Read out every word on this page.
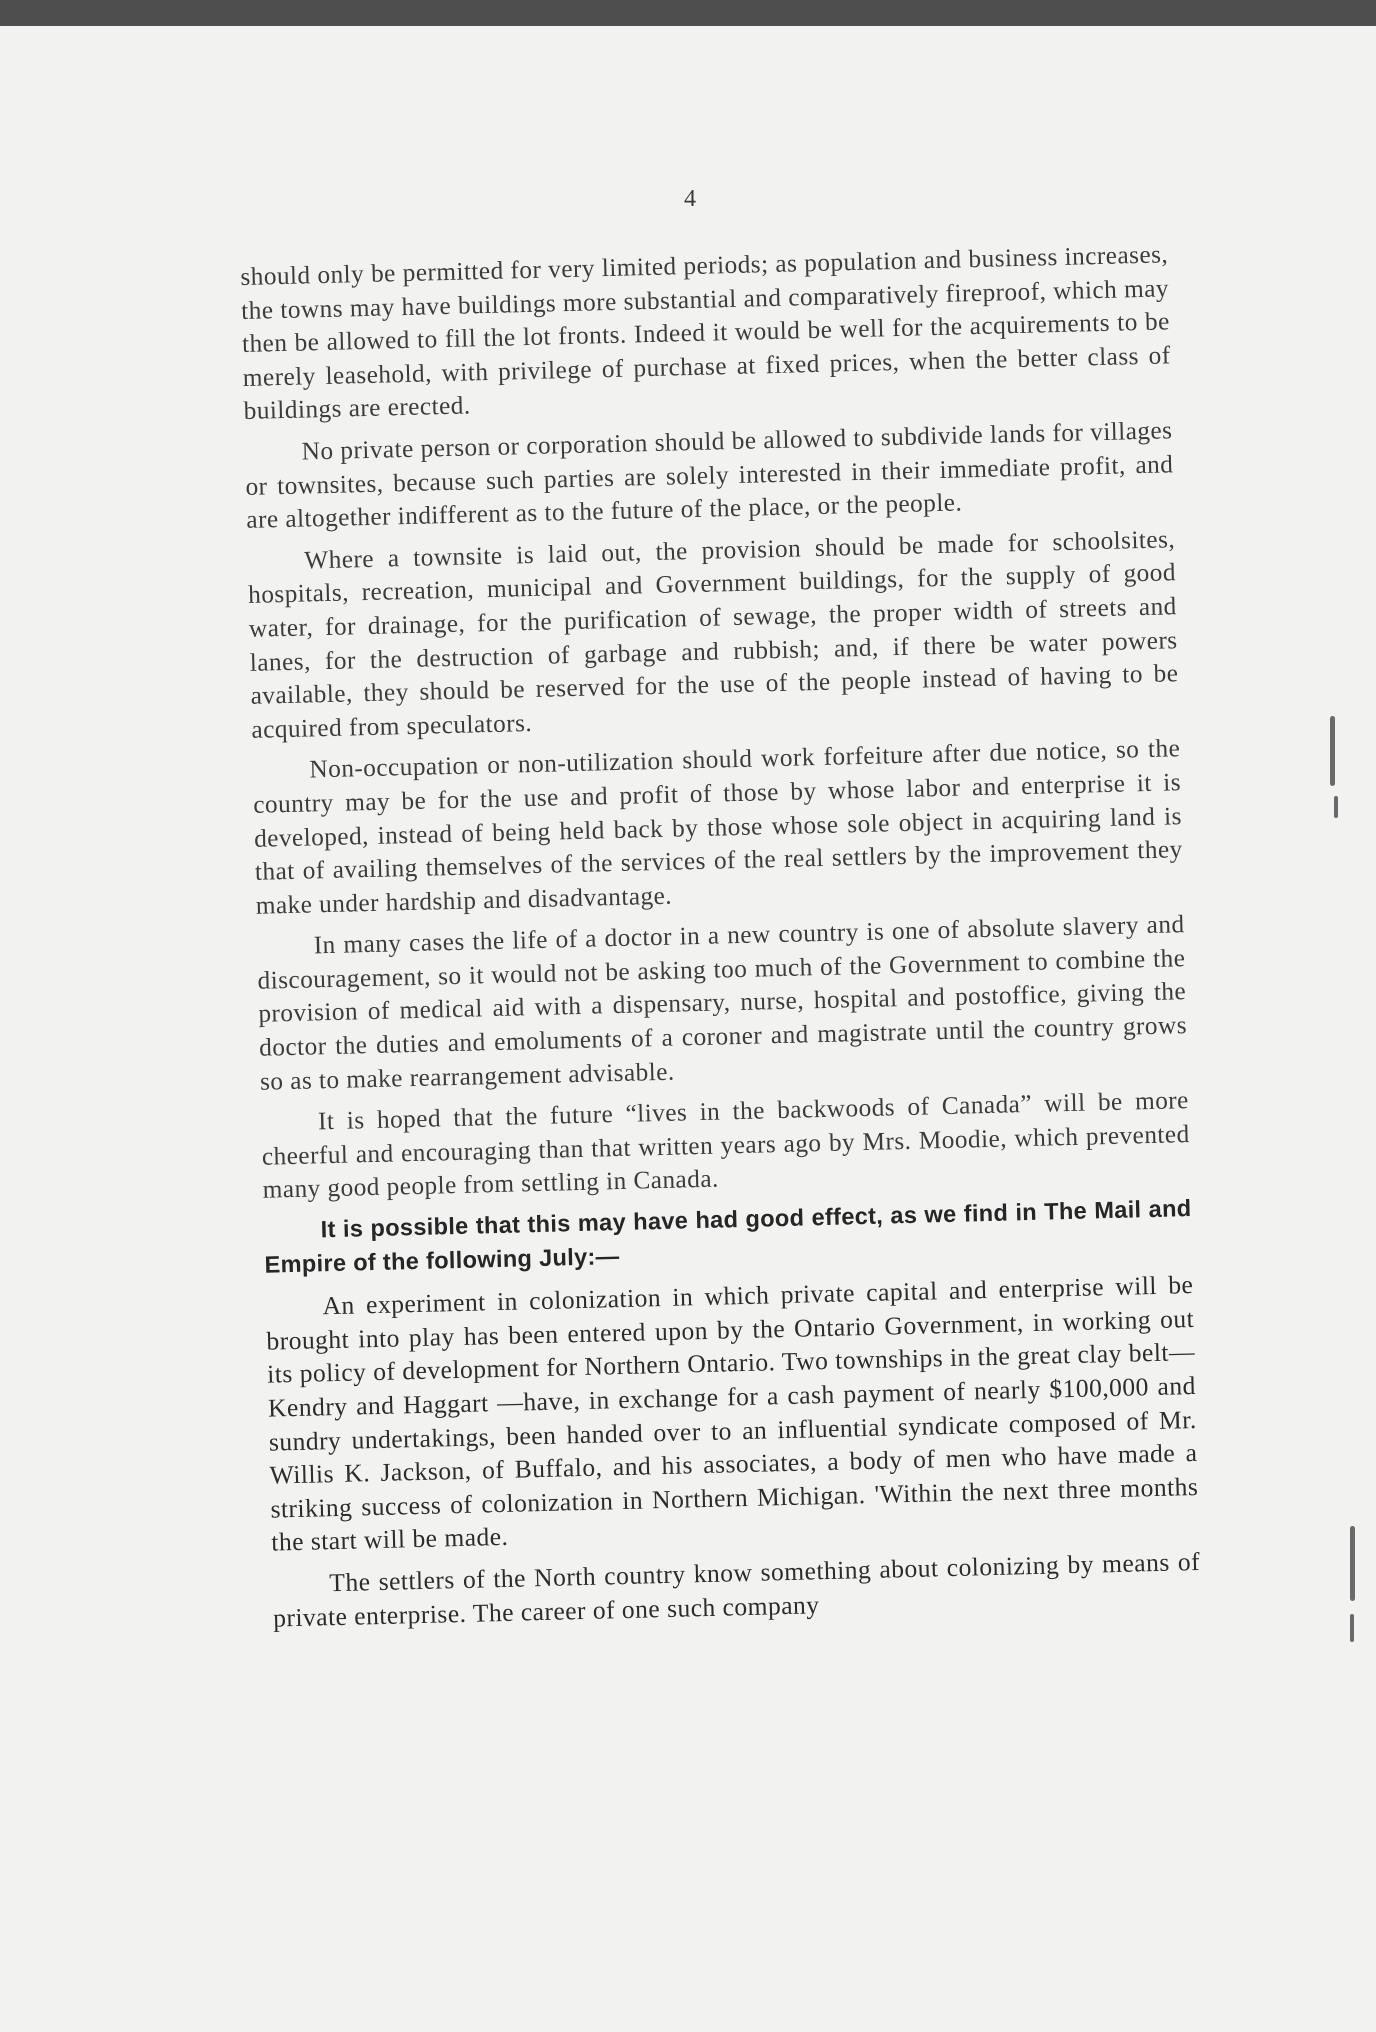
4

should only be permitted for very limited periods; as population and business increases, the towns may have buildings more substantial and comparatively fireproof, which may then be allowed to fill the lot fronts. Indeed it would be well for the acquirements to be merely leasehold, with privilege of purchase at fixed prices, when the better class of buildings are erected.

No private person or corporation should be allowed to subdivide lands for villages or townsites, because such parties are solely interested in their immediate profit, and are altogether indifferent as to the future of the place, or the people.

Where a townsite is laid out, the provision should be made for schoolsites, hospitals, recreation, municipal and Government buildings, for the supply of good water, for drainage, for the purification of sewage, the proper width of streets and lanes, for the destruction of garbage and rubbish; and, if there be water powers available, they should be reserved for the use of the people instead of having to be acquired from speculators.

Non-occupation or non-utilization should work forfeiture after due notice, so the country may be for the use and profit of those by whose labor and enterprise it is developed, instead of being held back by those whose sole object in acquiring land is that of availing themselves of the services of the real settlers by the improvement they make under hardship and disadvantage.

In many cases the life of a doctor in a new country is one of absolute slavery and discouragement, so it would not be asking too much of the Government to combine the provision of medical aid with a dispensary, nurse, hospital and postoffice, giving the doctor the duties and emoluments of a coroner and magistrate until the country grows so as to make rearrangement advisable.

It is hoped that the future “lives in the backwoods of Canada” will be more cheerful and encouraging than that written years ago by Mrs. Moodie, which prevented many good people from settling in Canada.

It is possible that this may have had good effect, as we find in The Mail and Empire of the following July:—

An experiment in colonization in which private capital and enterprise will be brought into play has been entered upon by the Ontario Government, in working out its policy of development for Northern Ontario. Two townships in the great clay belt—Kendry and Haggart —have, in exchange for a cash payment of nearly $100,000 and sundry undertakings, been handed over to an influential syndicate composed of Mr. Willis K. Jackson, of Buffalo, and his associates, a body of men who have made a striking success of colonization in Northern Michigan. 'Within the next three months the start will be made.

The settlers of the North country know something about colonizing by means of private enterprise. The career of one such company
